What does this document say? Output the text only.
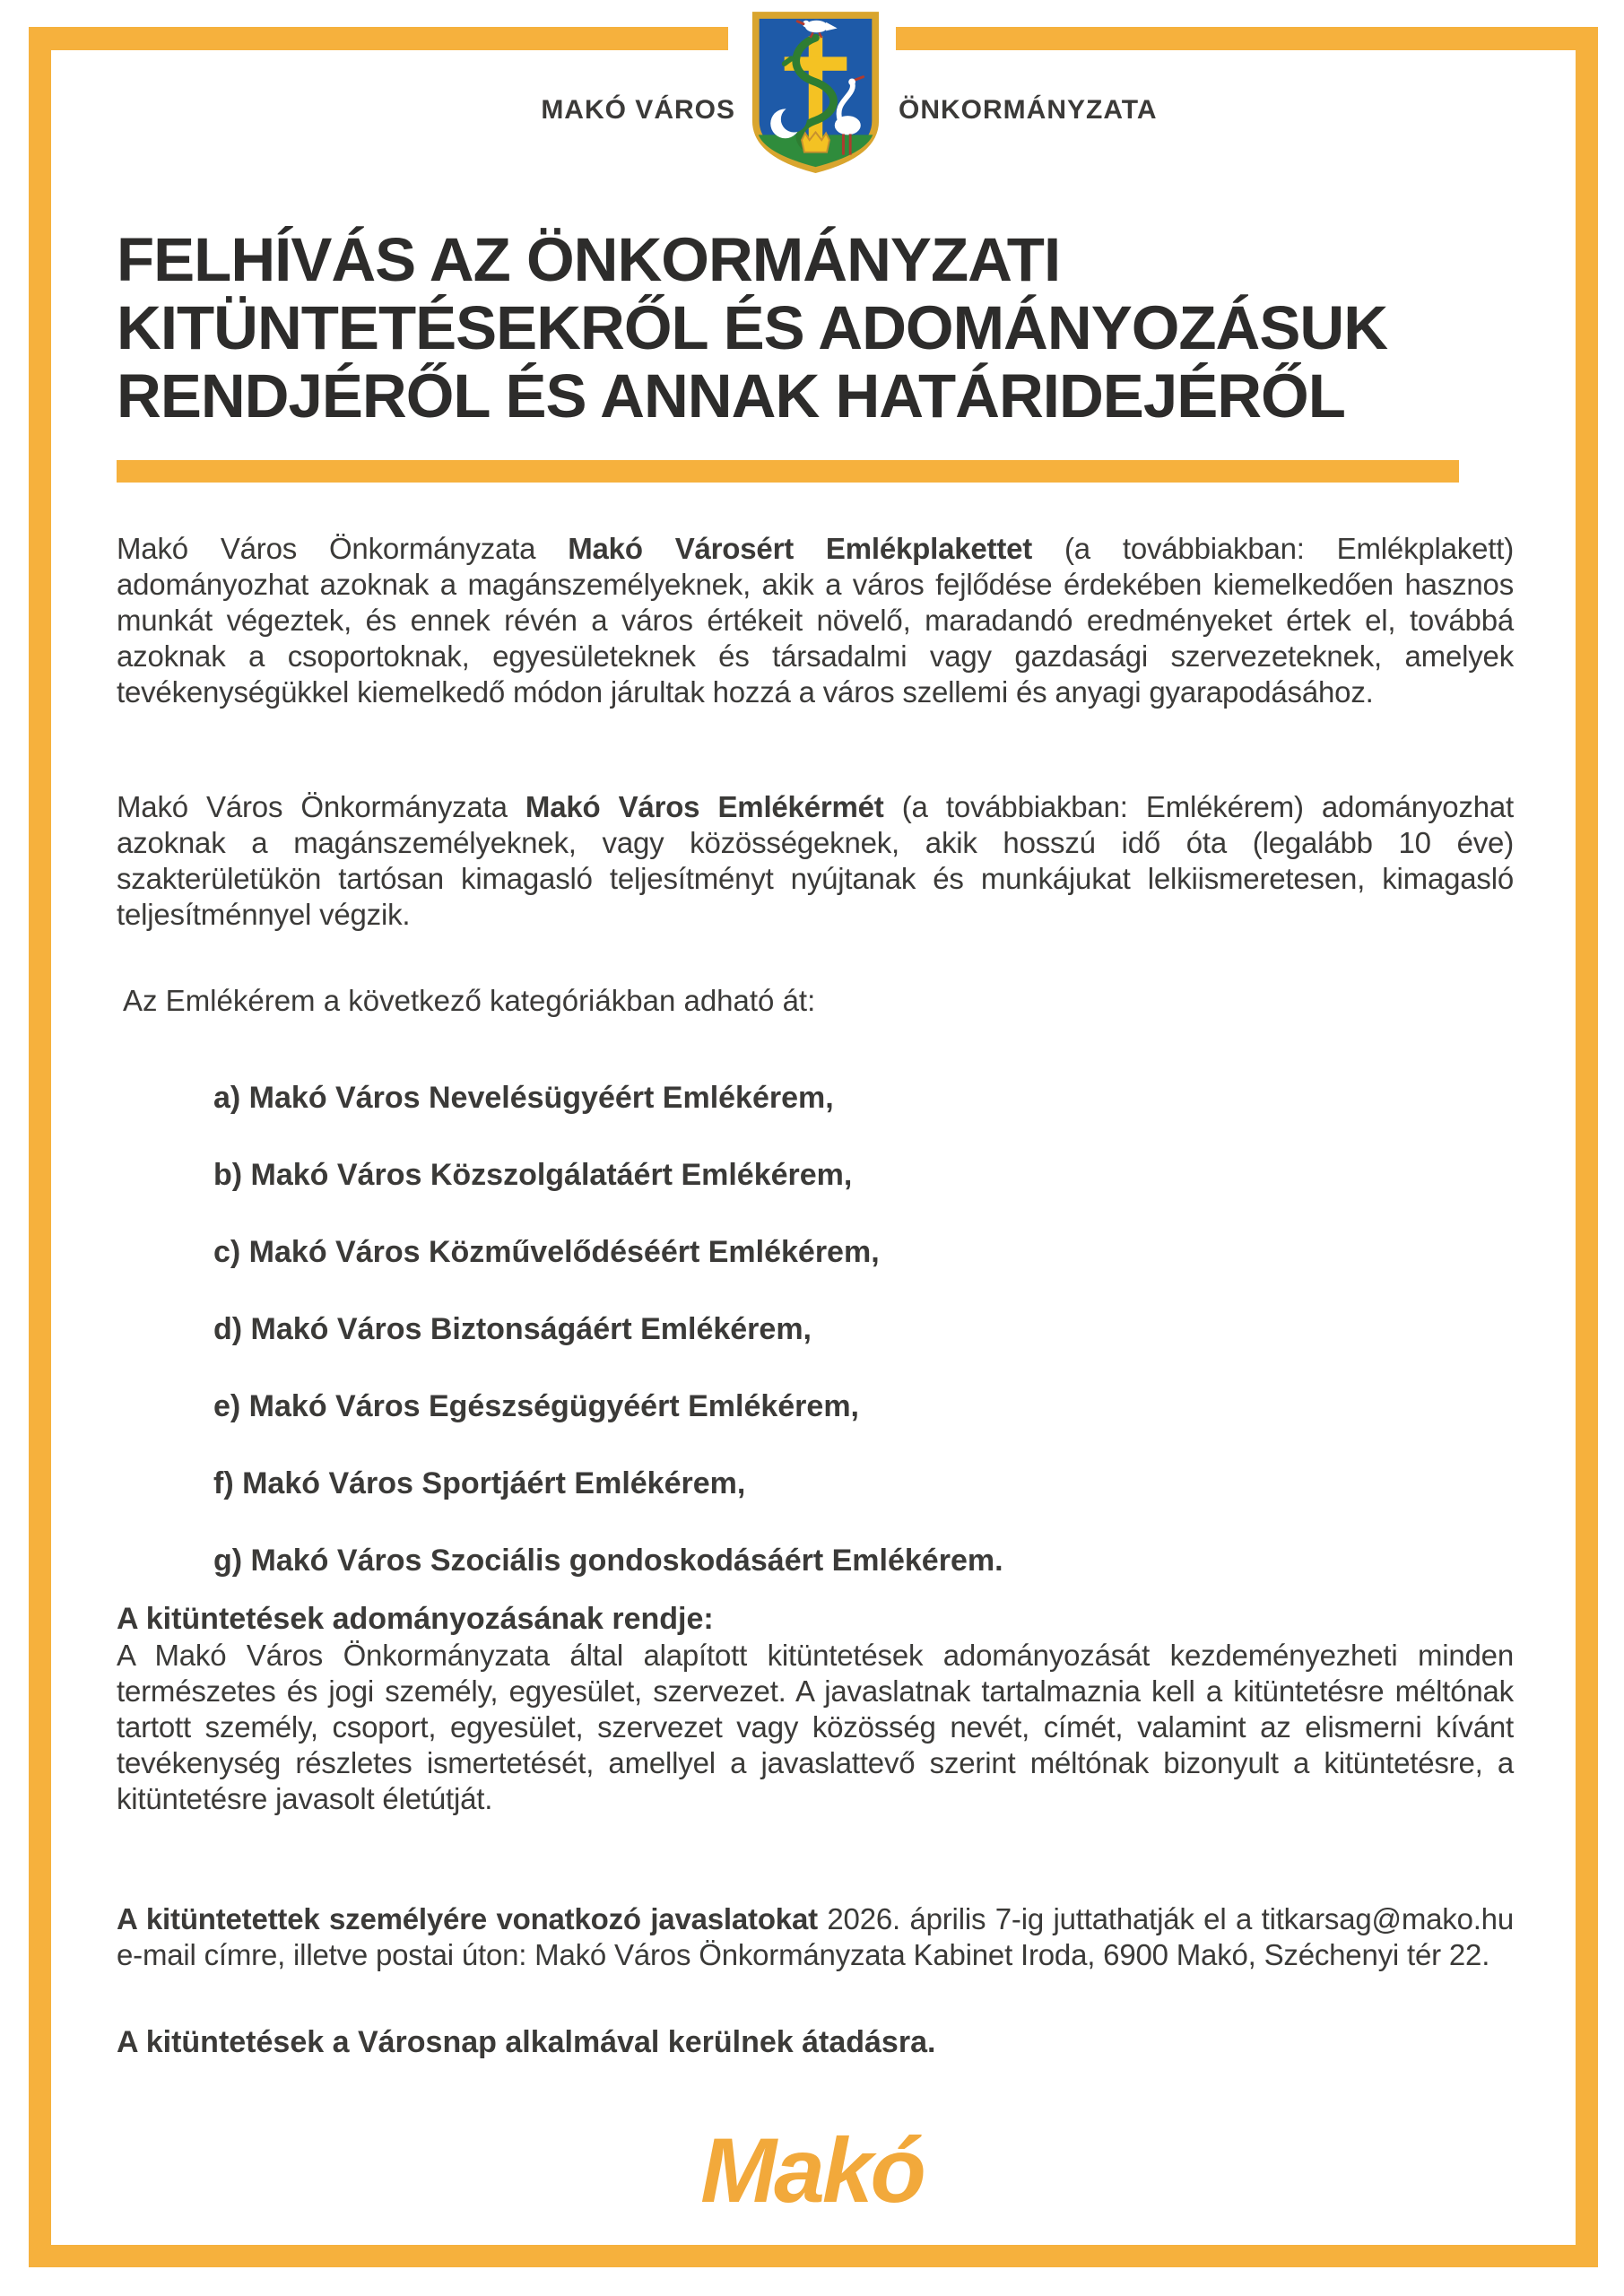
MAKÓ VÁROS	ÖNKORMÁNYZATA
FELHÍVÁS AZ ÖNKORMÁNYZATI
KITÜNTETÉSEKRŐL ÉS ADOMÁNYOZÁSUK
RENDJÉRŐL ÉS ANNAK HATÁRIDEJÉRŐL

Makó Város Önkormányzata Makó Városért Emlékplakettet (a továbbiakban: Emlékplakett) adományozhat azoknak a magánszemélyeknek, akik a város fejlődése érdekében kiemelkedően hasznos munkát végeztek, és ennek révén a város értékeit növelő, maradandó eredményeket értek el, továbbá azoknak a csoportoknak, egyesületeknek és társadalmi vagy gazdasági szervezeteknek, amelyek tevékenységükkel kiemelkedő módon járultak hozzá a város szellemi és anyagi gyarapodásához.

Makó Város Önkormányzata Makó Város Emlékérmét (a továbbiakban: Emlékérem) adományozhat azoknak a magánszemélyeknek, vagy közösségeknek, akik hosszú idő óta (legalább 10 éve) szakterületükön tartósan kimagasló teljesítményt nyújtanak és munkájukat lelkiismeretesen, kimagasló teljesítménnyel végzik.

Az Emlékérem a következő kategóriákban adható át:
a) Makó Város Nevelésügyéért Emlékérem,
b) Makó Város Közszolgálatáért Emlékérem,
c) Makó Város Közművelődéséért Emlékérem,
d) Makó Város Biztonságáért Emlékérem,
e) Makó Város Egészségügyéért Emlékérem,
f) Makó Város Sportjáért Emlékérem,
g) Makó Város Szociális gondoskodásáért Emlékérem.
A kitüntetések adományozásának rendje:

A Makó Város Önkormányzata által alapított kitüntetések adományozását kezdeményezheti minden természetes és jogi személy, egyesület, szervezet. A javaslatnak tartalmaznia kell a kitüntetésre méltónak tartott személy, csoport, egyesület, szervezet vagy közösség nevét, címét, valamint az elismerni kívánt tevékenység részletes ismertetését, amellyel a javaslattevő szerint méltónak bizonyult a kitüntetésre, a kitüntetésre javasolt életútját.

A kitüntetettek személyére vonatkozó javaslatokat 2026. április 7-ig juttathatják el a titkarsag@mako.hu e-mail címre, illetve postai úton: Makó Város Önkormányzata Kabinet Iroda, 6900 Makó, Széchenyi tér 22.

A kitüntetések a Városnap alkalmával kerülnek átadásra.
Makó
